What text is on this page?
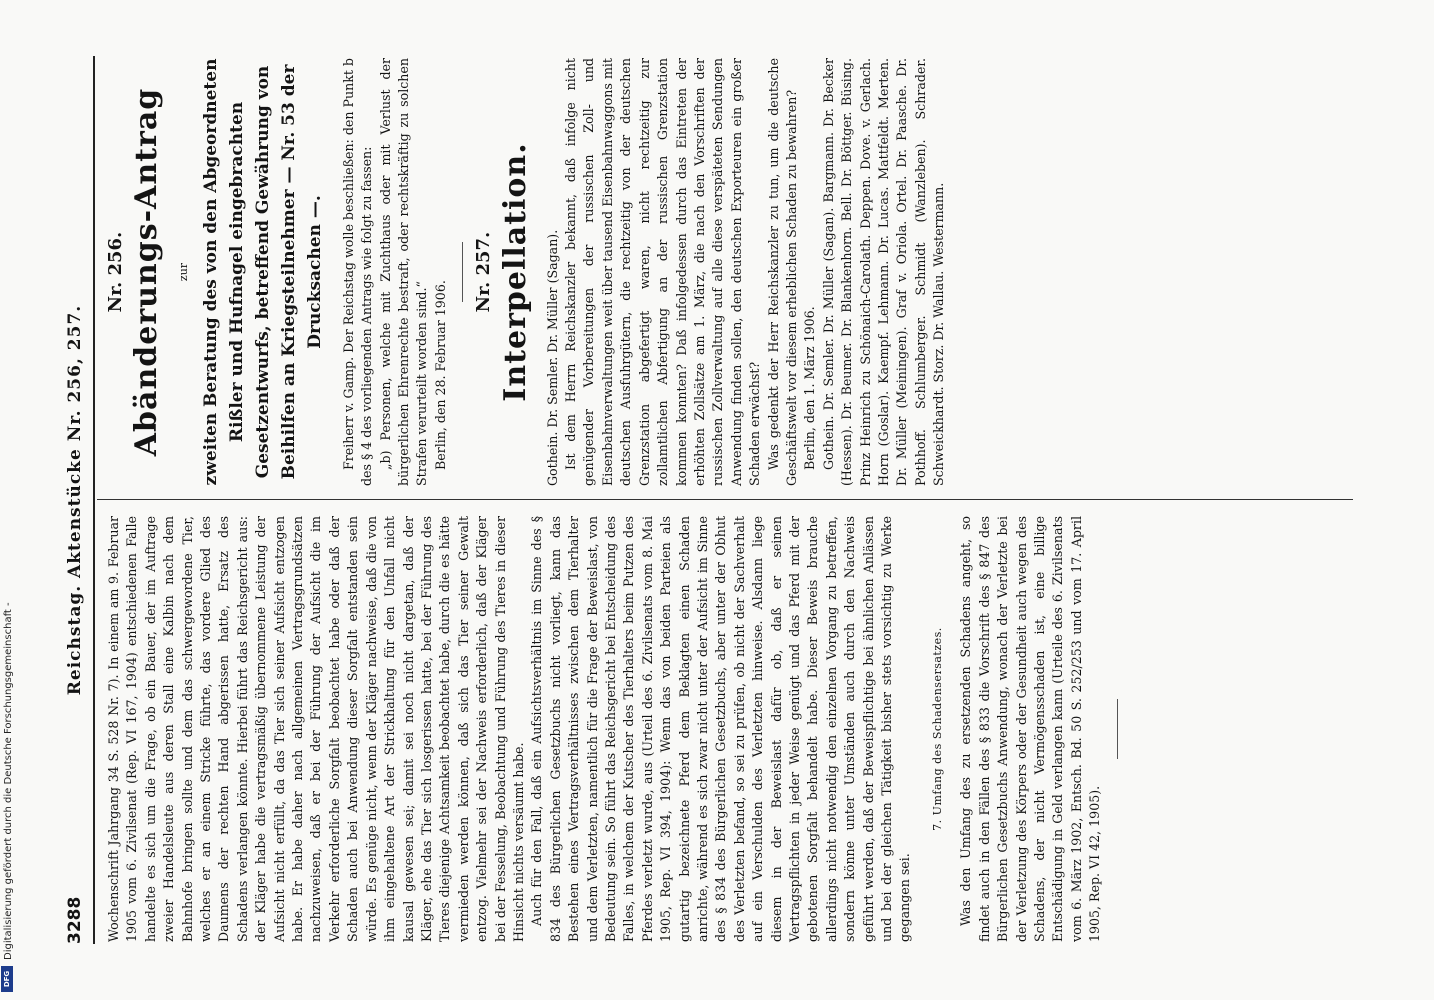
3288
Reichstag. Aktenstücke Nr. 256, 257.

Wochenschrift Jahrgang 34 S. 528 Nr. 7). In einem am 9. Februar 1905 vom 6. Zivilsenat (Rep. VI 167, 1904) entschiedenen Falle handelte es sich um die Frage, ob ein Bauer, der im Auftrage zweier Handelsleute aus deren Stall eine Kalbin nach dem Bahnhofe bringen sollte und dem das schwergewordene Tier, welches er an einem Stricke führte, das vordere Glied des Daumens der rechten Hand abgerissen hatte, Ersatz des Schadens verlangen könnte. Hierbei führt das Reichsgericht aus: der Kläger habe die vertragsmäßig übernommene Leistung der Aufsicht nicht erfüllt, da das Tier sich seiner Aufsicht entzogen habe. Er habe daher nach allgemeinen Vertragsgrundsätzen nachzuweisen, daß er bei der Führung der Aufsicht die im Verkehr erforderliche Sorgfalt beobachtet habe oder daß der Schaden auch bei Anwendung dieser Sorgfalt entstanden sein würde. Es genüge nicht, wenn der Kläger nachweise, daß die von ihm eingehaltene Art der Strickhaltung für den Unfall nicht kausal gewesen sei; damit sei noch nicht dargetan, daß der Kläger, ehe das Tier sich losgerissen hatte, bei der Führung des Tieres diejenige Achtsamkeit beobachtet habe, durch die es hätte vermieden werden können, daß sich das Tier seiner Gewalt entzog. Vielmehr sei der Nachweis erforderlich, daß der Kläger bei der Fesselung, Beobachtung und Führung des Tieres in dieser Hinsicht nichts versäumt habe. Auch für den Fall, daß ein Aufsichtsverhältnis im Sinne des § 834 des Bürgerlichen Gesetzbuchs nicht vorliegt, kann das Bestehen eines Vertragsverhältnisses zwischen dem Tierhalter und dem Verletzten, namentlich für die Frage der Beweislast, von Bedeutung sein. So führt das Reichsgericht bei Entscheidung des Falles, in welchem der Kutscher des Tierhalters beim Putzen des Pferdes verletzt wurde, aus (Urteil des 6. Zivilsenats vom 8. Mai 1905, Rep. VI 394, 1904): Wenn das von beiden Parteien als gutartig bezeichnete Pferd dem Beklagten einen Schaden anrichte, während es sich zwar nicht unter der Aufsicht im Sinne des § 834 des Bürgerlichen Gesetzbuchs, aber unter der Obhut des Verletzten befand, so sei zu prüfen, ob nicht der Sachverhalt auf ein Verschulden des Verletzten hinweise. Alsdann liege diesem in der Beweislast dafür ob, daß er seinen Vertragspflichten in jeder Weise genügt und das Pferd mit der gebotenen Sorgfalt behandelt habe. Dieser Beweis brauche allerdings nicht notwendig den einzelnen Vorgang zu betreffen, sondern könne unter Umständen auch durch den Nachweis geführt werden, daß der Beweispflichtige bei ähnlichen Anlässen und bei der gleichen Tätigkeit bisher stets vorsichtig zu Werke gegangen sei.

7. Umfang des Schadensersatzes. Was den Umfang des zu ersetzenden Schadens angeht, so findet auch in den Fällen des § 833 die Vorschrift des § 847 des Bürgerlichen Gesetzbuchs Anwendung, wonach der Verletzte bei der Verletzung des Körpers oder der Gesundheit auch wegen des Schadens, der nicht Vermögensschaden ist, eine billige Entschädigung in Geld verlangen kann (Urteile des 6. Zivilsenats vom 6. März 1902, Entsch. Bd. 50 S. 252/253 und vom 17. April 1905, Rep. VI 42, 1905).

Nr. 256. Abänderungs-Antrag zur zweiten Beratung des von den Abgeordneten Rißler und Hufnagel eingebrachten Gesetzentwurfs, betreffend Gewährung von Beihilfen an Kriegsteilnehmer — Nr. 53 der Drucksachen —. Freiherr v. Gamp. Der Reichstag wolle beschließen: den Punkt b des § 4 des vorliegenden Antrags wie folgt zu fassen: „b) Personen, welche mit Zuchthaus oder mit Verlust der bürgerlichen Ehrenrechte bestraft, oder rechtskräftig zu solchen Strafen verurteilt worden sind.“ Berlin, den 28. Februar 1906.

Nr. 257. Interpellation. Gothein. Dr. Semler. Dr. Müller (Sagan). Ist dem Herrn Reichskanzler bekannt, daß infolge nicht genügender Vorbereitungen der russischen Zoll- und Eisenbahnverwaltungen weit über tausend Eisenbahnwaggons mit deutschen Ausfuhrgütern, die rechtzeitig von der deutschen Grenzstation abgefertigt waren, nicht rechtzeitig zur zollamtlichen Abfertigung an der russischen Grenzstation kommen konnten? Daß infolgedessen durch das Eintreten der erhöhten Zollsätze am 1. März, die nach den Vorschriften der russischen Zollverwaltung auf alle diese verspäteten Sendungen Anwendung finden sollen, den deutschen Exporteuren ein großer Schaden erwächst? Was gedenkt der Herr Reichskanzler zu tun, um die deutsche Geschäftswelt vor diesem erheblichen Schaden zu bewahren? Berlin, den 1. März 1906. Gothein. Dr. Semler. Dr. Müller (Sagan). Bargmann. Dr. Becker (Hessen). Dr. Beumer. Dr. Blankenhorn. Bell. Dr. Böttger. Büsing. Prinz Heinrich zu Schönaich-Carolath. Deppen. Dove. v. Gerlach. Horn (Goslar). Kaempf. Lehmann. Dr. Lucas. Mattfeldt. Merten. Dr. Müller (Meiningen). Graf v. Oriola. Ortel. Dr. Paasche. Dr. Pothhoff. Schlumberger. Schmidt (Wanzleben). Schrader. Schweickhardt. Storz. Dr. Wallau. Westermann.

Digitalisierung gefördert durch die Deutsche Forschungsgemeinschaft -
DFG
